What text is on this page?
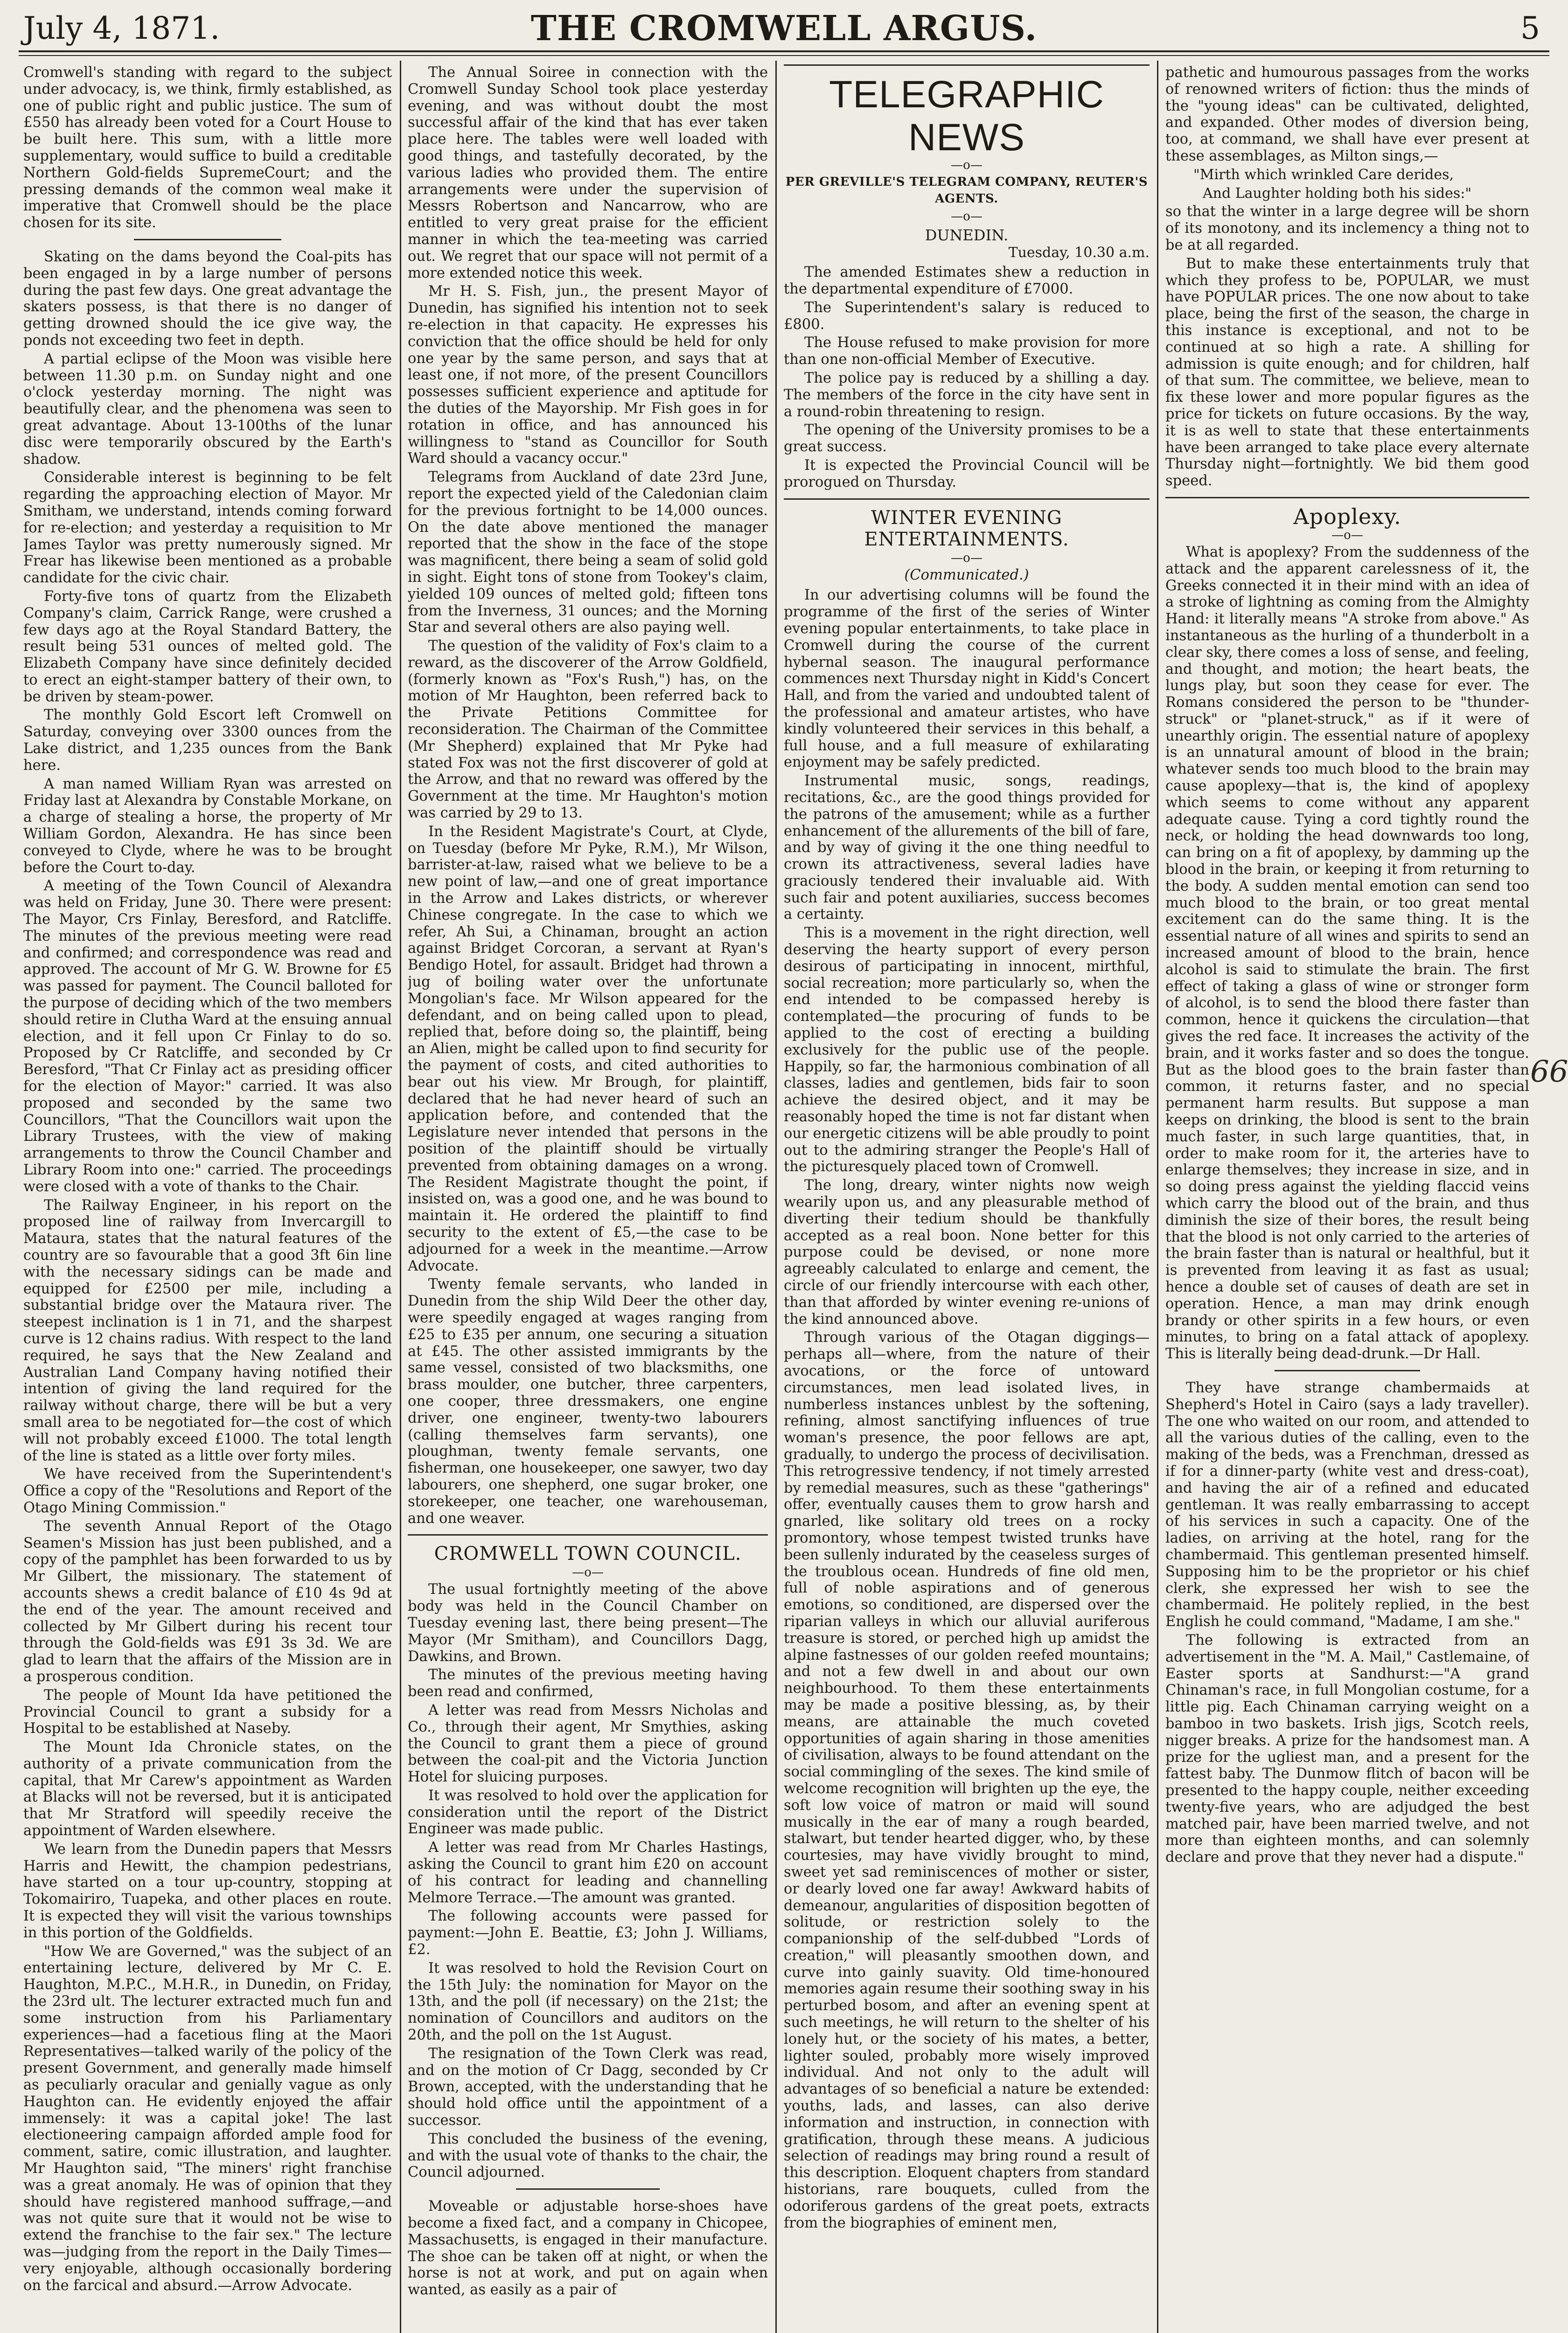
July 4, 1871.	THE CROMWELL ARGUS.	5

Cromwell's standing with regard to the subject under advocacy, is, we think, firmly established, as one of public right and public justice. The sum of £550 has already been voted for a Court House to be built here. This sum, with a little more supplementary, would suffice to build a creditable Northern Gold-fields SupremeCourt; and the pressing demands of the common weal make it imperative that Cromwell should be the place chosen for its site.

Skating on the dams beyond the Coal-pits has been engaged in by a large number of persons during the past few days. One great advantage the skaters possess, is that there is no danger of getting drowned should the ice give way, the ponds not exceeding two feet in depth.

A partial eclipse of the Moon was visible here between 11.30 p.m. on Sunday night and one o'clock yesterday morning. The night was beautifully clear, and the phenomena was seen to great advantage. About 13-100ths of the lunar disc were temporarily obscured by the Earth's shadow.

Considerable interest is beginning to be felt regarding the approaching election of Mayor. Mr Smitham, we understand, intends coming forward for re-election; and yesterday a requisition to Mr James Taylor was pretty numerously signed. Mr Frear has likewise been mentioned as a probable candidate for the civic chair.

Forty-five tons of quartz from the Elizabeth Company's claim, Carrick Range, were crushed a few days ago at the Royal Standard Battery, the result being 531 ounces of melted gold. The Elizabeth Company have since definitely decided to erect an eight-stamper battery of their own, to be driven by steam-power.

The monthly Gold Escort left Cromwell on Saturday, conveying over 3300 ounces from the Lake district, and 1,235 ounces from the Bank here.

A man named William Ryan was arrested on Friday last at Alexandra by Constable Morkane, on a charge of stealing a horse, the property of Mr William Gordon, Alexandra. He has since been conveyed to Clyde, where he was to be brought before the Court to-day.

A meeting of the Town Council of Alexandra was held on Friday, June 30. There were present: The Mayor, Crs Finlay, Beresford, and Ratcliffe. The minutes of the previous meeting were read and confirmed; and correspondence was read and approved. The account of Mr G. W. Browne for £5 was passed for payment. The Council balloted for the purpose of deciding which of the two members should retire in Clutha Ward at the ensuing annual election, and it fell upon Cr Finlay to do so. Proposed by Cr Ratcliffe, and seconded by Cr Beresford, "That Cr Finlay act as presiding officer for the election of Mayor:" carried. It was also proposed and seconded by the same two Councillors, "That the Councillors wait upon the Library Trustees, with the view of making arrangements to throw the Council Chamber and Library Room into one:" carried. The proceedings were closed with a vote of thanks to the Chair.

The Railway Engineer, in his report on the proposed line of railway from Invercargill to Mataura, states that the natural features of the country are so favourable that a good 3ft 6in line with the necessary sidings can be made and equipped for £2500 per mile, including a substantial bridge over the Mataura river. The steepest inclination is 1 in 71, and the sharpest curve is 12 chains radius. With respect to the land required, he says that the New Zealand and Australian Land Company having notified their intention of giving the land required for the railway without charge, there will be but a very small area to be negotiated for—the cost of which will not probably exceed £1000. The total length of the line is stated as a little over forty miles.

We have received from the Superintendent's Office a copy of the "Resolutions and Report of the Otago Mining Commission."

The seventh Annual Report of the Otago Seamen's Mission has just been published, and a copy of the pamphlet has been forwarded to us by Mr Gilbert, the missionary. The statement of accounts shews a credit balance of £10 4s 9d at the end of the year. The amount received and collected by Mr Gilbert during his recent tour through the Gold-fields was £91 3s 3d. We are glad to learn that the affairs of the Mission are in a prosperous condition.

The people of Mount Ida have petitioned the Provincial Council to grant a subsidy for a Hospital to be established at Naseby.

The Mount Ida Chronicle states, on the authority of a private communication from the capital, that Mr Carew's appointment as Warden at Blacks will not be reversed, but it is anticipated that Mr Stratford will speedily receive the appointment of Warden elsewhere.

We learn from the Dunedin papers that Messrs Harris and Hewitt, the champion pedestrians, have started on a tour up-country, stopping at Tokomairiro, Tuapeka, and other places en route. It is expected they will visit the various townships in this portion of the Goldfields.

"How We are Governed," was the subject of an entertaining lecture, delivered by Mr C. E. Haughton, M.P.C., M.H.R., in Dunedin, on Friday, the 23rd ult. The lecturer extracted much fun and some instruction from his Parliamentary experiences—had a facetious fling at the Maori Representatives—talked warily of the policy of the present Government, and generally made himself as peculiarly oracular and genially vague as only Haughton can. He evidently enjoyed the affair immensely: it was a capital joke! The last electioneering campaign afforded ample food for comment, satire, comic illustration, and laughter. Mr Haughton said, "The miners' right franchise was a great anomaly. He was of opinion that they should have registered manhood suffrage,—and was not quite sure that it would not be wise to extend the franchise to the fair sex." The lecture was—judging from the report in the Daily Times—very enjoyable, although occasionally bordering on the farcical and absurd.—Arrow Advocate.

The Annual Soiree in connection with the Cromwell Sunday School took place yesterday evening, and was without doubt the most successful affair of the kind that has ever taken place here. The tables were well loaded with good things, and tastefully decorated, by the various ladies who provided them. The entire arrangements were under the supervision of Messrs Robertson and Nancarrow, who are entitled to very great praise for the efficient manner in which the tea-meeting was carried out. We regret that our space will not permit of a more extended notice this week.

Mr H. S. Fish, jun., the present Mayor of Dunedin, has signified his intention not to seek re-election in that capacity. He expresses his conviction that the office should be held for only one year by the same person, and says that at least one, if not more, of the present Councillors possesses sufficient experience and aptitude for the duties of the Mayorship. Mr Fish goes in for rotation in office, and has announced his willingness to "stand as Councillor for South Ward should a vacancy occur."

Telegrams from Auckland of date 23rd June, report the expected yield of the Caledonian claim for the previous fortnight to be 14,000 ounces. On the date above mentioned the manager reported that the show in the face of the stope was magnificent, there being a seam of solid gold in sight. Eight tons of stone from Tookey's claim, yielded 109 ounces of melted gold; fifteen tons from the Inverness, 31 ounces; and the Morning Star and several others are also paying well.

The question of the validity of Fox's claim to a reward, as the discoverer of the Arrow Goldfield, (formerly known as "Fox's Rush,") has, on the motion of Mr Haughton, been referred back to the Private Petitions Committee for reconsideration. The Chairman of the Committee (Mr Shepherd) explained that Mr Pyke had stated Fox was not the first discoverer of gold at the Arrow, and that no reward was offered by the Government at the time. Mr Haughton's motion was carried by 29 to 13.

In the Resident Magistrate's Court, at Clyde, on Tuesday (before Mr Pyke, R.M.), Mr Wilson, barrister-at-law, raised what we believe to be a new point of law,—and one of great importance in the Arrow and Lakes districts, or wherever Chinese congregate. In the case to which we refer, Ah Sui, a Chinaman, brought an action against Bridget Corcoran, a servant at Ryan's Bendigo Hotel, for assault. Bridget had thrown a jug of boiling water over the unfortunate Mongolian's face. Mr Wilson appeared for the defendant, and on being called upon to plead, replied that, before doing so, the plaintiff, being an Alien, might be called upon to find security for the payment of costs, and cited authorities to bear out his view. Mr Brough, for plaintiff, declared that he had never heard of such an application before, and contended that the Legislature never intended that persons in the position of the plaintiff should be virtually prevented from obtaining damages on a wrong. The Resident Magistrate thought the point, if insisted on, was a good one, and he was bound to maintain it. He ordered the plaintiff to find security to the extent of £5,—the case to be adjourned for a week in the meantime.—Arrow Advocate.

Twenty female servants, who landed in Dunedin from the ship Wild Deer the other day, were speedily engaged at wages ranging from £25 to £35 per annum, one securing a situation at £45. The other assisted immigrants by the same vessel, consisted of two blacksmiths, one brass moulder, one butcher, three carpenters, one cooper, three dressmakers, one engine driver, one engineer, twenty-two labourers (calling themselves farm servants), one ploughman, twenty female servants, one fisherman, one housekeeper, one sawyer, two day labourers, one shepherd, one sugar broker, one storekeeper, one teacher, one warehouseman, and one weaver.

CROMWELL TOWN COUNCIL.
—o—

The usual fortnightly meeting of the above body was held in the Council Chamber on Tuesday evening last, there being present—The Mayor (Mr Smitham), and Councillors Dagg, Dawkins, and Brown.

The minutes of the previous meeting having been read and confirmed,

A letter was read from Messrs Nicholas and Co., through their agent, Mr Smythies, asking the Council to grant them a piece of ground between the coal-pit and the Victoria Junction Hotel for sluicing purposes.

It was resolved to hold over the application for consideration until the report of the District Engineer was made public.

A letter was read from Mr Charles Hastings, asking the Council to grant him £20 on account of his contract for leading and channelling Melmore Terrace.—The amount was granted.

The following accounts were passed for payment:—John E. Beattie, £3; John J. Williams, £2.

It was resolved to hold the Revision Court on the 15th July: the nomination for Mayor on the 13th, and the poll (if necessary) on the 21st; the nomination of Councillors and auditors on the 20th, and the poll on the 1st August.

The resignation of the Town Clerk was read, and on the motion of Cr Dagg, seconded by Cr Brown, accepted, with the understanding that he should hold office until the appointment of a successor.

This concluded the business of the evening, and with the usual vote of thanks to the chair, the Council adjourned.

Moveable or adjustable horse-shoes have become a fixed fact, and a company in Chicopee, Massachusetts, is engaged in their manufacture. The shoe can be taken off at night, or when the horse is not at work, and put on again when wanted, as easily as a pair of

TELEGRAPHIC NEWS
—o—
PER GREVILLE'S TELEGRAM COMPANY, REUTER'S AGENTS.
—o—
DUNEDIN.
Tuesday, 10.30 a.m.

The amended Estimates shew a reduction in the departmental expenditure of £7000.

The Superintendent's salary is reduced to £800.

The House refused to make provision for more than one non-official Member of Executive.

The police pay is reduced by a shilling a day. The members of the force in the city have sent in a round-robin threatening to resign.

The opening of the University promises to be a great success.

It is expected the Provincial Council will be prorogued on Thursday.

WINTER EVENING ENTERTAINMENTS.
—o—
(Communicated.)

In our advertising columns will be found the programme of the first of the series of Winter evening popular entertainments, to take place in Cromwell during the course of the current hybernal season. The inaugural performance commences next Thursday night in Kidd's Concert Hall, and from the varied and undoubted talent of the professional and amateur artistes, who have kindly volunteered their services in this behalf, a full house, and a full measure of exhilarating enjoyment may be safely predicted.

Instrumental music, songs, readings, recitations, &c., are the good things provided for the patrons of the amusement; while as a further enhancement of the allurements of the bill of fare, and by way of giving it the one thing needful to crown its attractiveness, several ladies have graciously tendered their invaluable aid. With such fair and potent auxiliaries, success becomes a certainty.

This is a movement in the right direction, well deserving the hearty support of every person desirous of participating in innocent, mirthful, social recreation; more particularly so, when the end intended to be compassed hereby is contemplated—the procuring of funds to be applied to the cost of erecting a building exclusively for the public use of the people. Happily, so far, the harmonious combination of all classes, ladies and gentlemen, bids fair to soon achieve the desired object, and it may be reasonably hoped the time is not far distant when our energetic citizens will be able proudly to point out to the admiring stranger the People's Hall of the picturesquely placed town of Cromwell.

The long, dreary, winter nights now weigh wearily upon us, and any pleasurable method of diverting their tedium should be thankfully accepted as a real boon. None better for this purpose could be devised, or none more agreeably calculated to enlarge and cement, the circle of our friendly intercourse with each other, than that afforded by winter evening re-unions of the kind announced above.

Through various of the Otagan diggings—perhaps all—where, from the nature of their avocations, or the force of untoward circumstances, men lead isolated lives, in numberless instances unblest by the softening, refining, almost sanctifying influences of true woman's presence, the poor fellows are apt, gradually, to undergo the process of decivilisation. This retrogressive tendency, if not timely arrested by remedial measures, such as these "gatherings" offer, eventually causes them to grow harsh and gnarled, like solitary old trees on a rocky promontory, whose tempest twisted trunks have been sullenly indurated by the ceaseless surges of the troublous ocean. Hundreds of fine old men, full of noble aspirations and of generous emotions, so conditioned, are dispersed over the riparian valleys in which our alluvial auriferous treasure is stored, or perched high up amidst the alpine fastnesses of our golden reefed mountains; and not a few dwell in and about our own neighbourhood. To them these entertainments may be made a positive blessing, as, by their means, are attainable the much coveted opportunities of again sharing in those amenities of civilisation, always to be found attendant on the social commingling of the sexes. The kind smile of welcome recognition will brighten up the eye, the soft low voice of matron or maid will sound musically in the ear of many a rough bearded, stalwart, but tender hearted digger, who, by these courtesies, may have vividly brought to mind, sweet yet sad reminiscences of mother or sister, or dearly loved one far away! Awkward habits of demeanour, angularities of disposition begotten of solitude, or restriction solely to the companionship of the self-dubbed "Lords of creation," will pleasantly smoothen down, and curve into gainly suavity. Old time-honoured memories again resume their soothing sway in his perturbed bosom, and after an evening spent at such meetings, he will return to the shelter of his lonely hut, or the society of his mates, a better, lighter souled, probably more wisely improved individual. And not only to the adult will advantages of so beneficial a nature be extended: youths, lads, and lasses, can also derive information and instruction, in connection with gratification, through these means. A judicious selection of readings may bring round a result of this description. Eloquent chapters from standard historians, rare bouquets, culled from the odoriferous gardens of the great poets, extracts from the biographies of eminent men,

pathetic and humourous passages from the works of renowned writers of fiction: thus the minds of the "young ideas" can be cultivated, delighted, and expanded. Other modes of diversion being, too, at command, we shall have ever present at these assemblages, as Milton sings,—

"Mirth which wrinkled Care derides,
And Laughter holding both his sides:"

so that the winter in a large degree will be shorn of its monotony, and its inclemency a thing not to be at all regarded.

But to make these entertainments truly that which they profess to be, POPULAR, we must have POPULAR prices. The one now about to take place, being the first of the season, the charge in this instance is exceptional, and not to be continued at so high a rate. A shilling for admission is quite enough; and for children, half of that sum. The committee, we believe, mean to fix these lower and more popular figures as the price for tickets on future occasions. By the way, it is as well to state that these entertainments have been arranged to take place every alternate Thursday night—fortnightly. We bid them good speed.

Apoplexy.
—o—

What is apoplexy? From the suddenness of the attack and the apparent carelessness of it, the Greeks connected it in their mind with an idea of a stroke of lightning as coming from the Almighty Hand: it literally means "A stroke from above." As instantaneous as the hurling of a thunderbolt in a clear sky, there comes a loss of sense, and feeling, and thought, and motion; the heart beats, the lungs play, but soon they cease for ever. The Romans considered the person to be "thunder-struck" or "planet-struck," as if it were of unearthly origin. The essential nature of apoplexy is an unnatural amount of blood in the brain; whatever sends too much blood to the brain may cause apoplexy—that is, the kind of apoplexy which seems to come without any apparent adequate cause. Tying a cord tightly round the neck, or holding the head downwards too long, can bring on a fit of apoplexy, by damming up the blood in the brain, or keeping it from returning to the body. A sudden mental emotion can send too much blood to the brain, or too great mental excitement can do the same thing. It is the essential nature of all wines and spirits to send an increased amount of blood to the brain, hence alcohol is said to stimulate the brain. The first effect of taking a glass of wine or stronger form of alcohol, is to send the blood there faster than common, hence it quickens the circulation—that gives the red face. It increases the activity of the brain, and it works faster and so does the tongue. But as the blood goes to the brain faster than common, it returns faster, and no special permanent harm results. But suppose a man keeps on drinking, the blood is sent to the brain much faster, in such large quantities, that, in order to make room for it, the arteries have to enlarge themselves; they increase in size, and in so doing press against the yielding flaccid veins which carry the blood out of the brain, and thus diminish the size of their bores, the result being that the blood is not only carried to the arteries of the brain faster than is natural or healthful, but it is prevented from leaving it as fast as usual; hence a double set of causes of death are set in operation. Hence, a man may drink enough brandy or other spirits in a few hours, or even minutes, to bring on a fatal attack of apoplexy. This is literally being dead-drunk.—Dr Hall.

They have strange chambermaids at Shepherd's Hotel in Cairo (says a lady traveller). The one who waited on our room, and attended to all the various duties of the calling, even to the making of the beds, was a Frenchman, dressed as if for a dinner-party (white vest and dress-coat), and having the air of a refined and educated gentleman. It was really embarrassing to accept of his services in such a capacity. One of the ladies, on arriving at the hotel, rang for the chambermaid. This gentleman presented himself. Supposing him to be the proprietor or his chief clerk, she expressed her wish to see the chambermaid. He politely replied, in the best English he could command, "Madame, I am she."

The following is extracted from an advertisement in the "M. A. Mail," Castlemaine, of Easter sports at Sandhurst:—"A grand Chinaman's race, in full Mongolian costume, for a little pig. Each Chinaman carrying weight on a bamboo in two baskets. Irish jigs, Scotch reels, nigger breaks. A prize for the handsomest man. A prize for the ugliest man, and a present for the fattest baby. The Dunmow flitch of bacon will be presented to the happy couple, neither exceeding twenty-five years, who are adjudged the best matched pair, have been married twelve, and not more than eighteen months, and can solemnly declare and prove that they never had a dispute."

66
